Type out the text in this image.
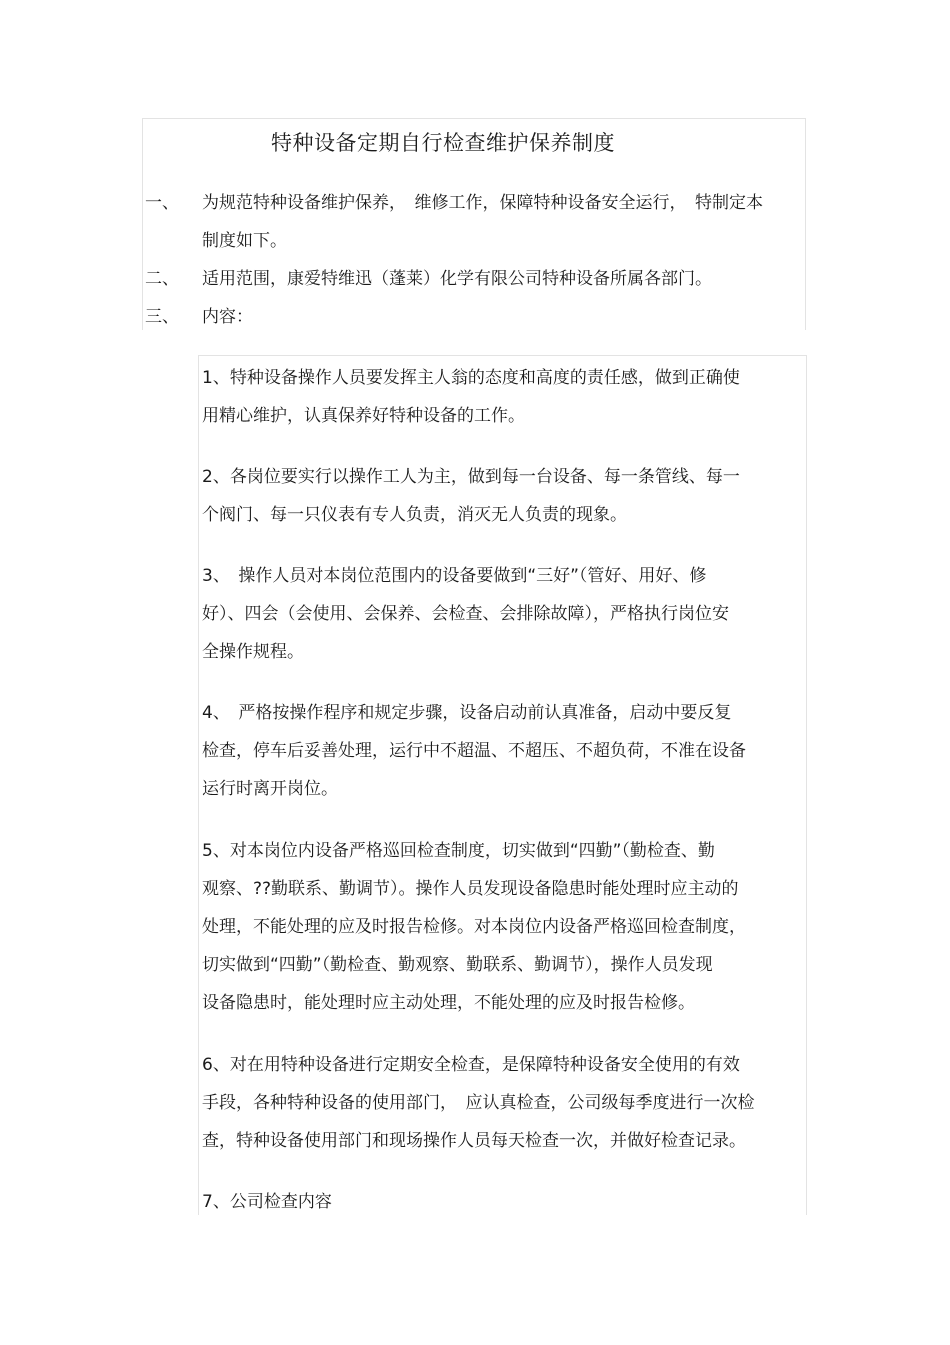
特种设备定期自行检查维护保养制度
一、 为规范特种设备维护保养，　维修工作，保障特种设备安全运行，　特制定本
制度如下。
二、 适用范围，康爱特维迅（蓬莱）化学有限公司特种设备所属各部门。
三、 内容：
1、特种设备操作人员要发挥主人翁的态度和高度的责任感，做到正确使
用精心维护，认真保养好特种设备的工作。
2、各岗位要实行以操作工人为主，做到每一台设备、每一条管线、每一
个阀门、每一只仪表有专人负责，消灭无人负责的现象。
3、　操作人员对本岗位范围内的设备要做到“三好”（管好、用好、修
好）、四会（会使用、会保养、会检查、会排除故障），严格执行岗位安
全操作规程。
4、　严格按操作程序和规定步骤，设备启动前认真准备，启动中要反复
检查，停车后妥善处理，运行中不超温、不超压、不超负荷，不准在设备
运行时离开岗位。
5、对本岗位内设备严格巡回检查制度，切实做到“四勤”（勤检查、勤
观察、??勤联系、勤调节）。操作人员发现设备隐患时能处理时应主动的
处理，不能处理的应及时报告检修。对本岗位内设备严格巡回检查制度，
切实做到“四勤”（勤检查、勤观察、勤联系、勤调节），操作人员发现
设备隐患时，能处理时应主动处理，不能处理的应及时报告检修。
6、对在用特种设备进行定期安全检查，是保障特种设备安全使用的有效
手段，各种特种设备的使用部门，　应认真检查，公司级每季度进行一次检
查，特种设备使用部门和现场操作人员每天检查一次，并做好检查记录。
7、公司检查内容
